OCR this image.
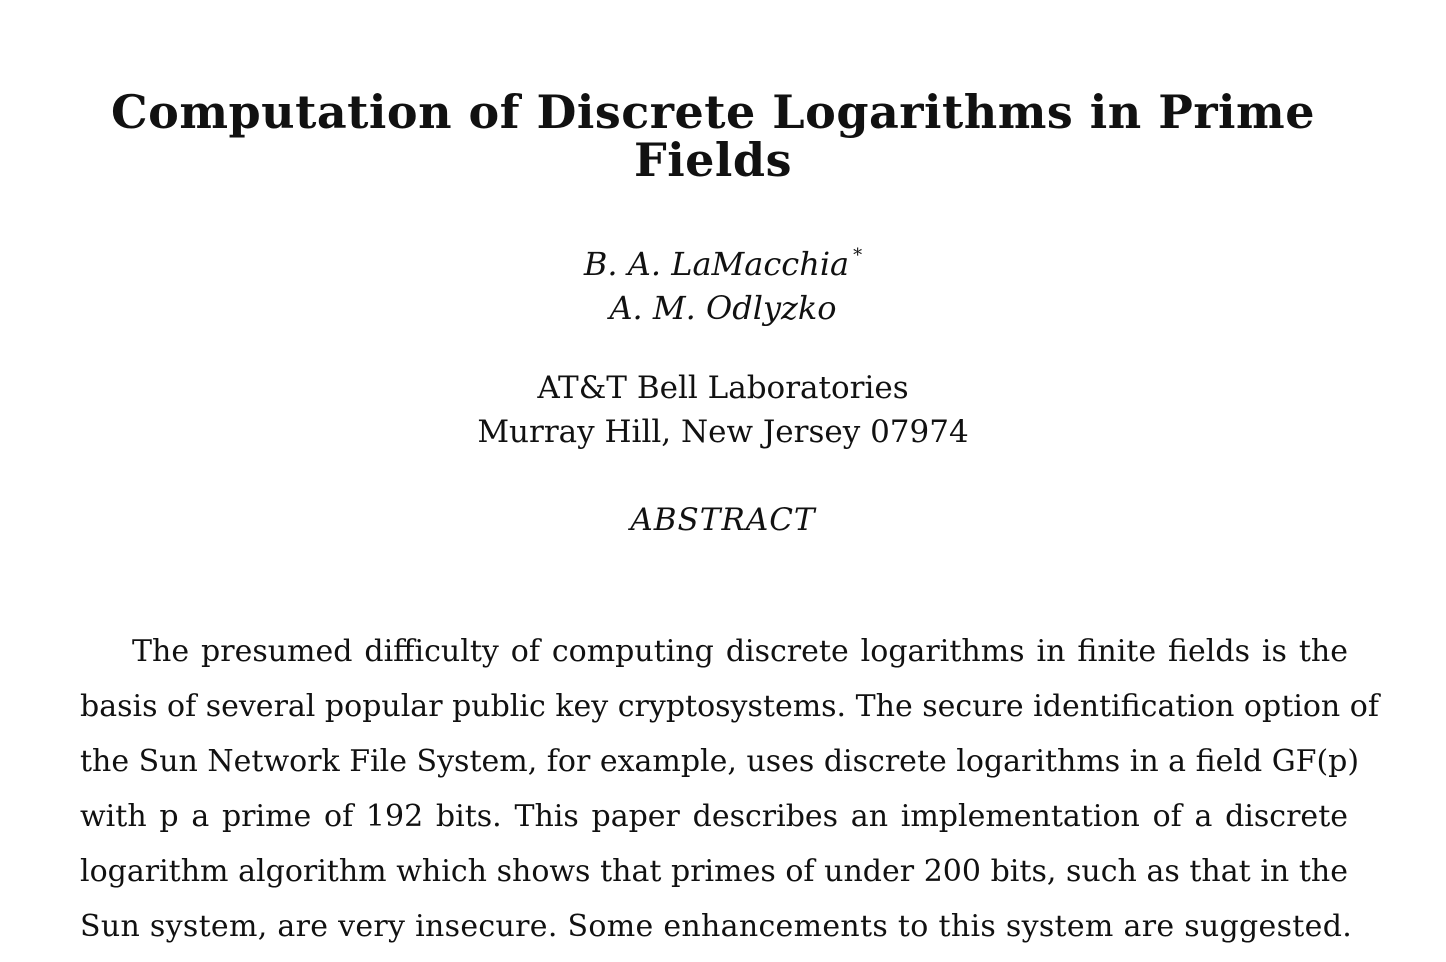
Computation of Discrete Logarithms in Prime
Fields
B. A. LaMacchia *
A. M. Odlyzko
AT&T Bell Laboratories
Murray Hill, New Jersey 07974
ABSTRACT
The presumed difficulty of computing discrete logarithms in finite fields is the
basis of several popular public key cryptosystems. The secure identification option of
the Sun Network File System, for example, uses discrete logarithms in a field GF(p)
with p a prime of 192 bits. This paper describes an implementation of a discrete
logarithm algorithm which shows that primes of under 200 bits, such as that in the
Sun system, are very insecure. Some enhancements to this system are suggested.
